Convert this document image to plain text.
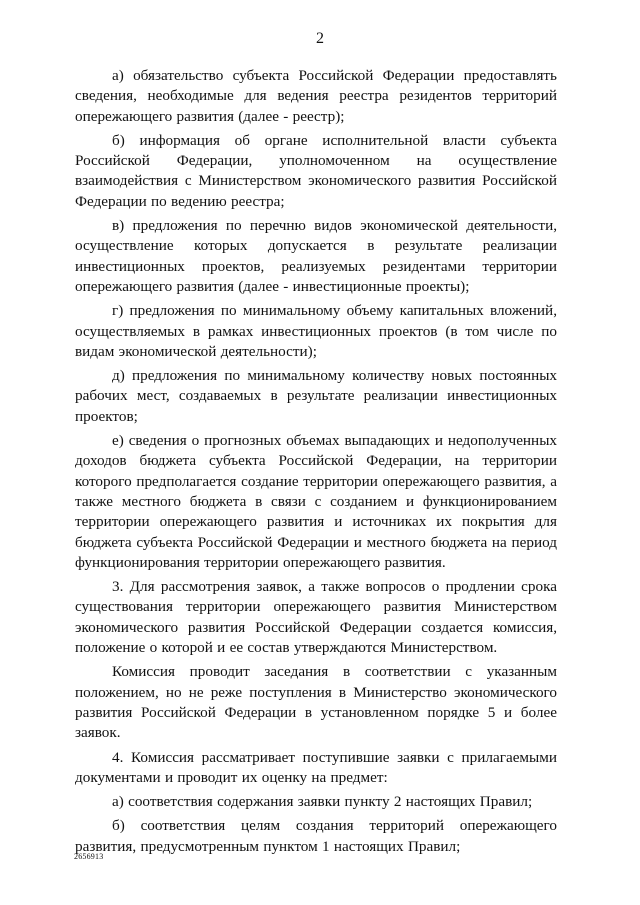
2

а) обязательство субъекта Российской Федерации предоставлять сведения, необходимые для ведения реестра резидентов территорий опережающего развития (далее - реестр);

б) информация об органе исполнительной власти субъекта Российской Федерации, уполномоченном на осуществление взаимодействия с Министерством экономического развития Российской Федерации по ведению реестра;

в) предложения по перечню видов экономической деятельности, осуществление которых допускается в результате реализации инвестиционных проектов, реализуемых резидентами территории опережающего развития (далее - инвестиционные проекты);

г) предложения по минимальному объему капитальных вложений, осуществляемых в рамках инвестиционных проектов (в том числе по видам экономической деятельности);

д) предложения по минимальному количеству новых постоянных рабочих мест, создаваемых в результате реализации инвестиционных проектов;

е) сведения о прогнозных объемах выпадающих и недополученных доходов бюджета субъекта Российской Федерации, на территории которого предполагается создание территории опережающего развития, а также местного бюджета в связи с созданием и функционированием территории опережающего развития и источниках их покрытия для бюджета субъекта Российской Федерации и местного бюджета на период функционирования территории опережающего развития.

3. Для рассмотрения заявок, а также вопросов о продлении срока существования территории опережающего развития Министерством экономического развития Российской Федерации создается комиссия, положение о которой и ее состав утверждаются Министерством.

Комиссия проводит заседания в соответствии с указанным положением, но не реже поступления в Министерство экономического развития Российской Федерации в установленном порядке 5 и более заявок.

4. Комиссия рассматривает поступившие заявки с прилагаемыми документами и проводит их оценку на предмет:

а) соответствия содержания заявки пункту 2 настоящих Правил;

б) соответствия целям создания территорий опережающего развития, предусмотренным пунктом 1 настоящих Правил;

2656913
